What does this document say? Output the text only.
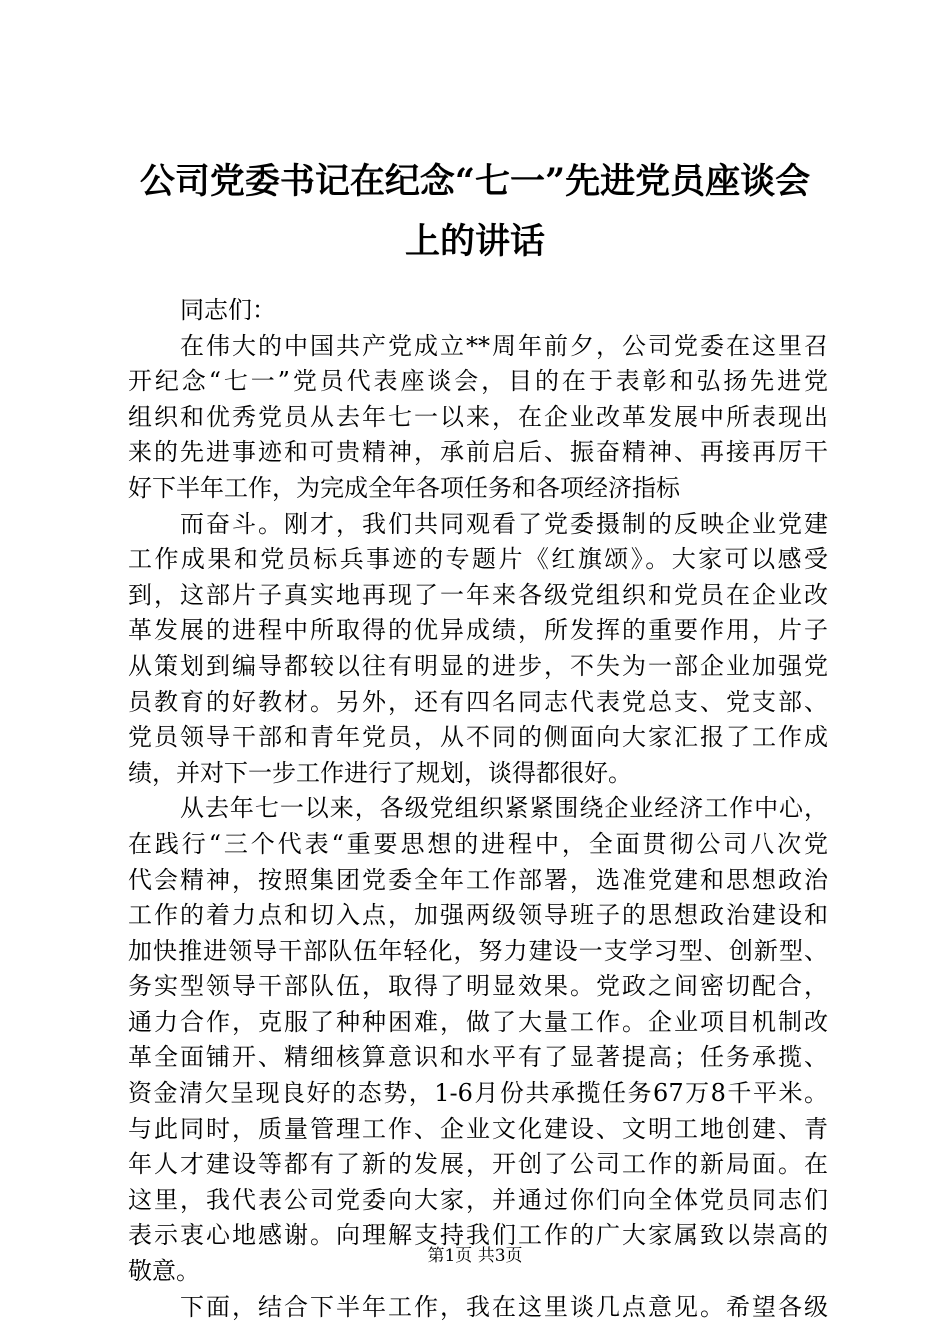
公司党委书记在纪念“七一”先进党员座谈会
上的讲话
同志们：
在伟大的中国共产党成立**周年前夕，公司党委在这里召
开纪念“七一”党员代表座谈会，目的在于表彰和弘扬先进党
组织和优秀党员从去年七一以来，在企业改革发展中所表现出
来的先进事迹和可贵精神，承前启后、振奋精神、再接再厉干
好下半年工作，为完成全年各项任务和各项经济指标
而奋斗。刚才，我们共同观看了党委摄制的反映企业党建
工作成果和党员标兵事迹的专题片《红旗颂》。大家可以感受
到，这部片子真实地再现了一年来各级党组织和党员在企业改
革发展的进程中所取得的优异成绩，所发挥的重要作用，片子
从策划到编导都较以往有明显的进步，不失为一部企业加强党
员教育的好教材。另外，还有四名同志代表党总支、党支部、
党员领导干部和青年党员，从不同的侧面向大家汇报了工作成
绩，并对下一步工作进行了规划，谈得都很好。
从去年七一以来，各级党组织紧紧围绕企业经济工作中心，
在践行“三个代表“重要思想的进程中，全面贯彻公司八次党
代会精神，按照集团党委全年工作部署，选准党建和思想政治
工作的着力点和切入点，加强两级领导班子的思想政治建设和
加快推进领导干部队伍年轻化，努力建设一支学习型、创新型、
务实型领导干部队伍，取得了明显效果。党政之间密切配合，
通力合作，克服了种种困难，做了大量工作。企业项目机制改
革全面铺开、精细核算意识和水平有了显著提高；任务承揽、
资金清欠呈现良好的态势，1-6月份共承揽任务67万8千平米。
与此同时，质量管理工作、企业文化建设、文明工地创建、青
年人才建设等都有了新的发展，开创了公司工作的新局面。在
这里，我代表公司党委向大家，并通过你们向全体党员同志们
表示衷心地感谢。向理解支持我们工作的广大家属致以崇高的
敬意。
下面，结合下半年工作，我在这里谈几点意见。希望各级
第1页 共3页
